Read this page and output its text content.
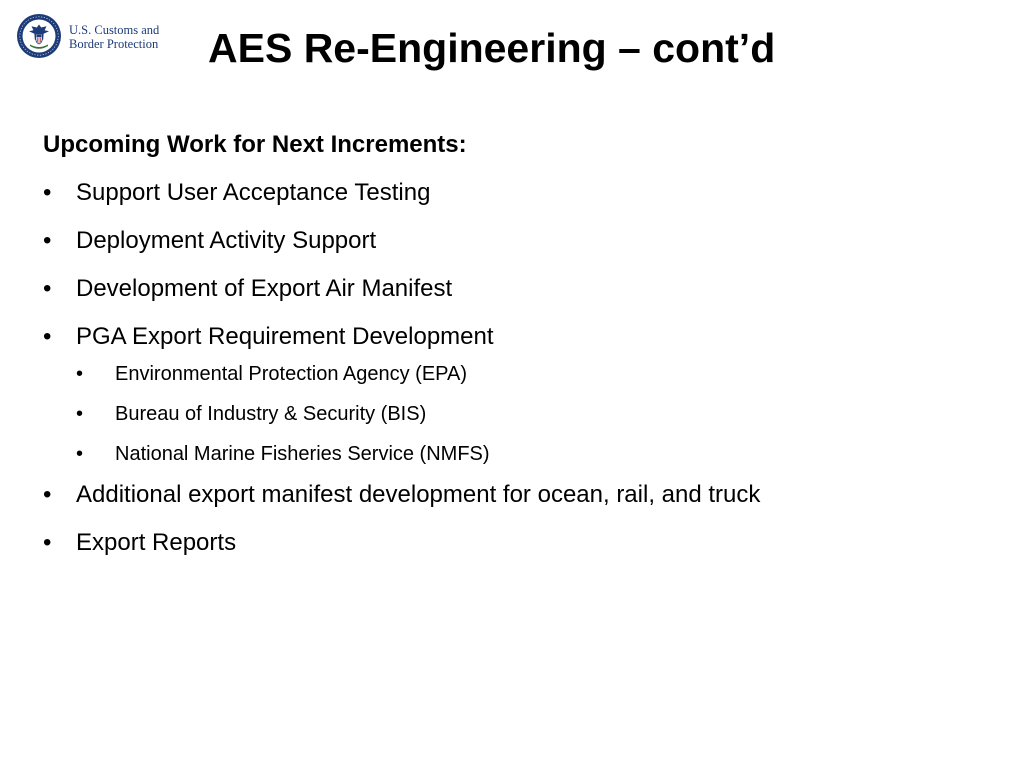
U.S. Customs and
Border Protection AES Re-Engineering – cont’d
Upcoming Work for Next Increments:
• Support User Acceptance Testing
• Deployment Activity Support
• Development of Export Air Manifest
• PGA Export Requirement Development
• Environmental Protection Agency (EPA)
• Bureau of Industry & Security (BIS)
• National Marine Fisheries Service (NMFS)
• Additional export manifest development for ocean, rail, and truck
• Export Reports
